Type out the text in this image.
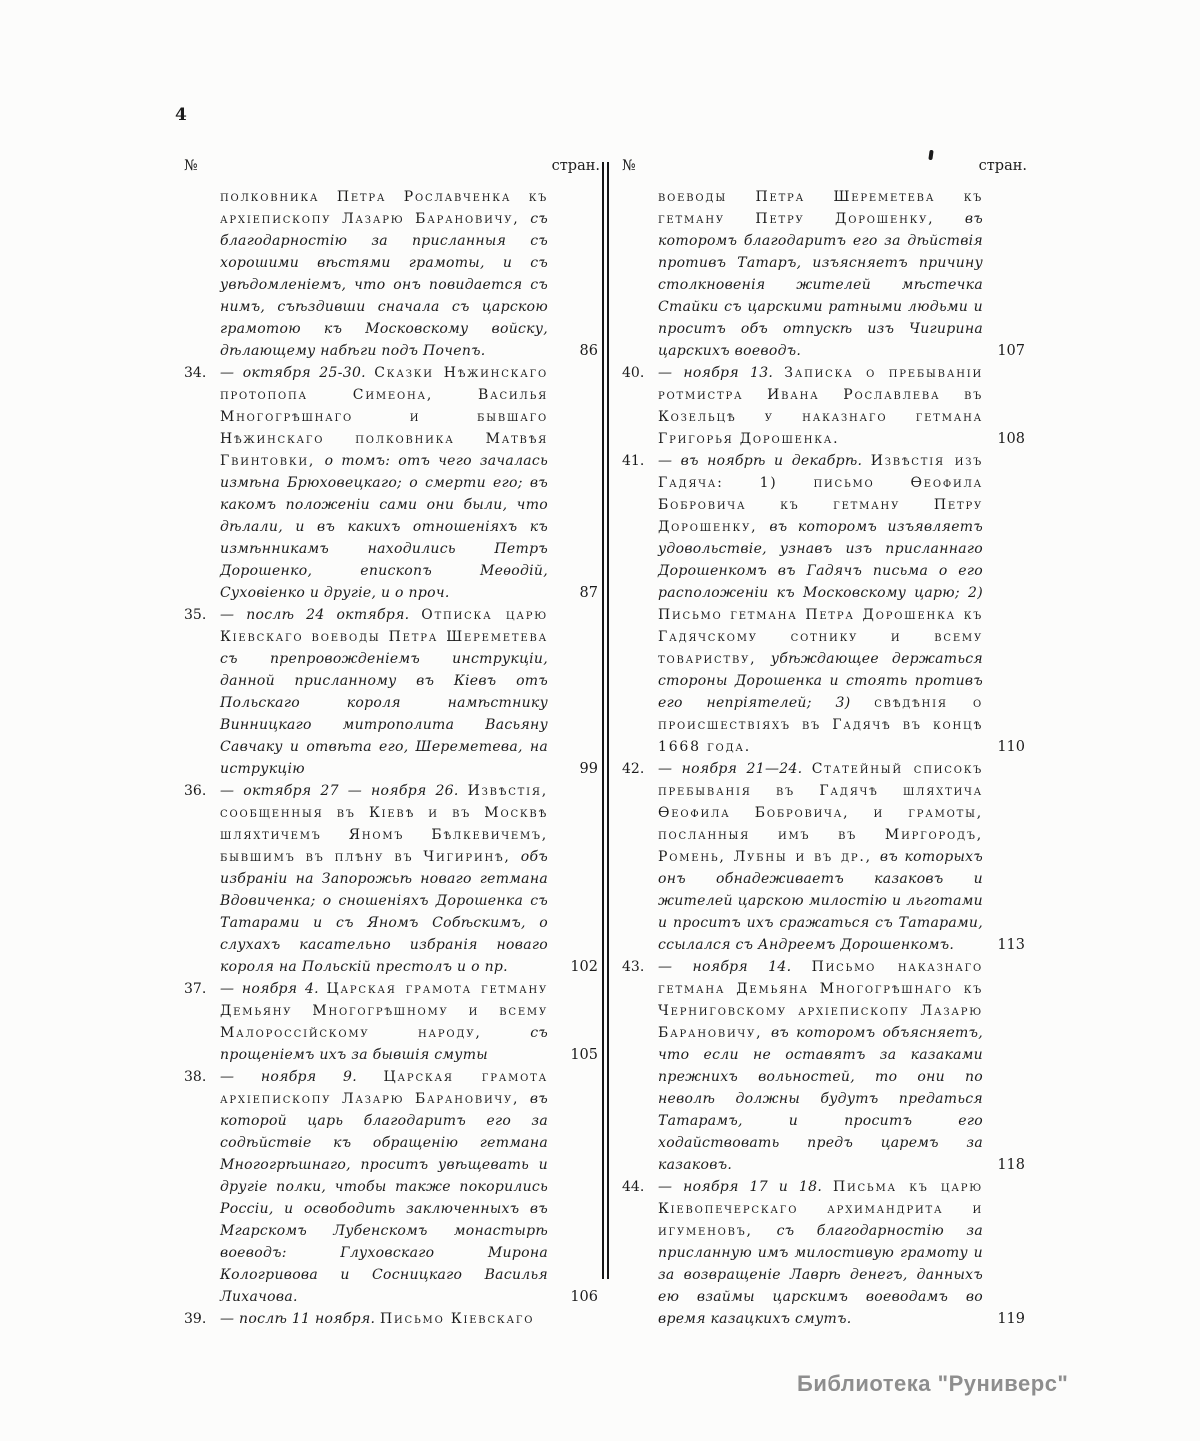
4
№	стран. №	стран.

полковника Петра Рославченка къ архіепископу Лазарю Барановичу, съ благодарностію за присланныя съ хорошими вѣстями грамоты, и съ увѣдомленіемъ, что онъ повидается съ нимъ, съѣздивши сначала съ царскою грамотою къ Московскому войску, дѣлающему набѣги подъ Почепъ.	86
34. — октября 25-30. Сказки Нѣжинскаго протопопа Симеона, Василья Многогрѣшнаго и бывшаго Нѣжинскаго полковника Матвѣя Гвинтовки, о томъ: отъ чего зачалась измѣна Брюховецкаго; о смерти его; въ какомъ положеніи сами они были, что дѣлали, и въ какихъ отношеніяхъ къ измѣнникамъ находились Петръ Дорошенко, епископъ Меѳодій, Суховіенко и другіе, и о проч.	87
35. — послѣ 24 октября. Отписка царю Кіевскаго воеводы Петра Шереметева съ препровожденіемъ инструкціи, данной присланному въ Кіевъ отъ Польскаго короля намѣстнику Винницкаго митрополита Васьяну Савчаку и отвѣта его, Шереметева, на иструкцію	99
36. — октября 27 — ноября 26. Извѣстія, сообщенныя въ Кіевѣ и въ Москвѣ шляхтичемъ Яномъ Бѣлкевичемъ, бывшимъ въ плѣну въ Чигиринѣ, объ избраніи на Запорожьѣ новаго гетмана Вдовиченка; о сношеніяхъ Дорошенка съ Татарами и съ Яномъ Собѣскимъ, о слухахъ касательно избранія новаго короля на Польскій престолъ и о пр.	102
37. — ноября 4. Царская грамота гетману Демьяну Многогрѣшному и всему Малороссійскому народу, съ прощеніемъ ихъ за бывшія смуты	105
38. — ноября 9. Царская грамота архіепископу Лазарю Барановичу, въ которой царь благодаритъ его за содѣйствіе къ обращенію гетмана Многогрѣшнаго, проситъ увѣщевать и другіе полки, чтобы также покорились Россіи, и освободить заключенныхъ въ Мгарскомъ Лубенскомъ монастырѣ воеводъ: Глуховскаго Мирона Кологривова и Сосницкаго Василья Лихачова.	106
39. — послѣ 11 ноября. Письмо Кіевскаго

воеводы Петра Шереметева къ гетману Петру Дорошенку, въ которомъ благодаритъ его за дѣйствія противъ Татаръ, изъясняетъ причину столкновенія жителей мѣстечка Стайки съ царскими ратными людьми и проситъ объ отпускѣ изъ Чигирина царскихъ воеводъ.	107
40. — ноября 13. Записка о пребываніи ротмистра Ивана Рославлева въ Козельцѣ у наказнаго гетмана Григорья Дорошенка.	108
41. — въ ноябрѣ и декабрѣ. Извѣстія изъ Гадяча: 1) письмо Ѳеофила Бобровича къ гетману Петру Дорошенку, въ которомъ изъявляетъ удовольствіе, узнавъ изъ присланнаго Дорошенкомъ въ Гадячъ письма о его расположеніи къ Московскому царю; 2) Письмо гетмана Петра Дорошенка къ Гадячскому сотнику и всему товариству, убѣждающее держаться стороны Дорошенка и стоять противъ его непріятелей; 3) свѣдѣнія о происшествіяхъ въ Гадячѣ въ концѣ 1668 года.	110
42. — ноября 21—24. Статейный списокъ пребыванія въ Гадячѣ шляхтича Ѳеофила Бобровича, и грамоты, посланныя имъ въ Миргородъ, Ромень, Лубны и въ др., въ которыхъ онъ обнадеживаетъ казаковъ и жителей царскою милостію и льготами и проситъ ихъ сражаться съ Татарами, ссылался съ Андреемъ Дорошенкомъ.	113
43. — ноября 14. Письмо наказнаго гетмана Демьяна Многогрѣшнаго къ Черниговскому архіепископу Лазарю Барановичу, въ которомъ объясняетъ, что если не оставятъ за казаками прежнихъ вольностей, то они по неволѣ должны будутъ предаться Татарамъ, и проситъ его ходайствовать предъ царемъ за казаковъ.	118
44. — ноября 17 и 18. Письма къ царю Кіевопечерскаго архимандрита и игуменовъ, съ благодарностію за присланную имъ милостивую грамоту и за возвращеніе Лаврѣ денегъ, данныхъ ею взаймы царскимъ воеводамъ во время казацкихъ смутъ.	119
Библиотека "Руниверс"
